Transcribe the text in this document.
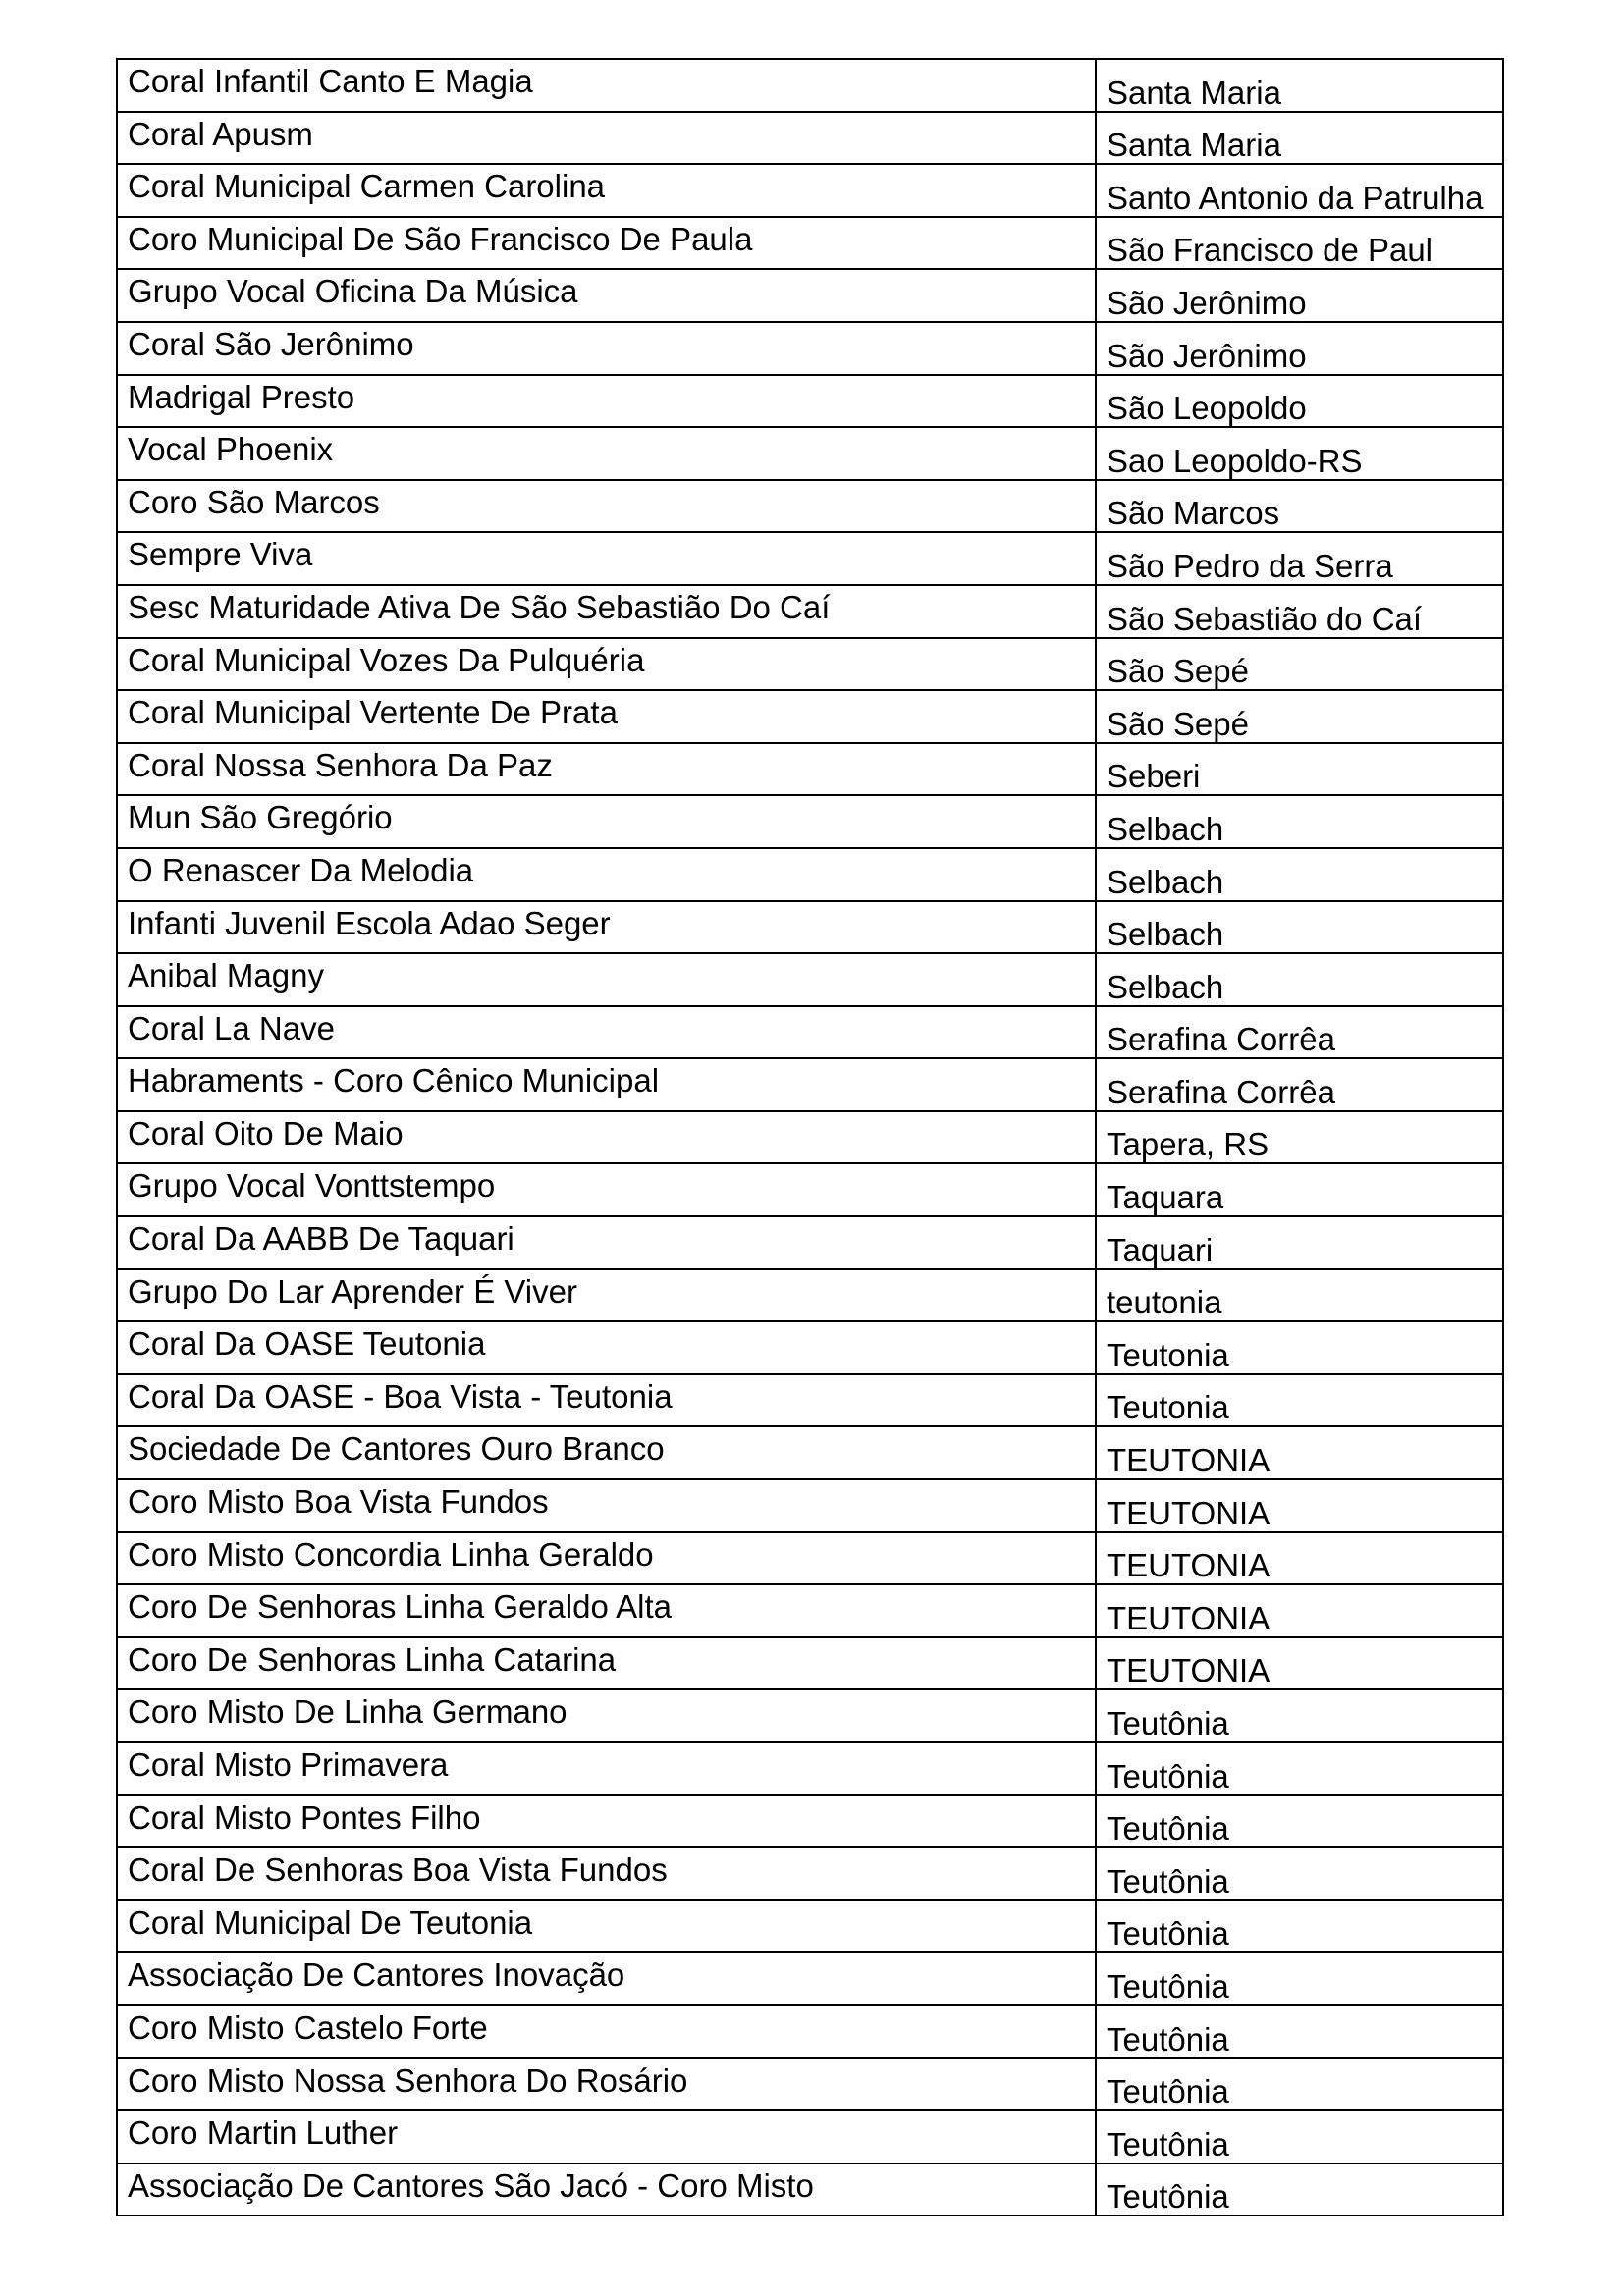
Coral Infantil Canto E Magia	Santa Maria
Coral Apusm	Santa Maria
Coral Municipal Carmen Carolina	Santo Antonio da Patrulha
Coro Municipal De São Francisco De Paula	São Francisco de Paul
Grupo Vocal Oficina Da Música	São Jerônimo
Coral São Jerônimo	São Jerônimo
Madrigal Presto	São Leopoldo
Vocal Phoenix	Sao Leopoldo-RS
Coro São Marcos	São Marcos
Sempre Viva	São Pedro da Serra
Sesc Maturidade Ativa De São Sebastião Do Caí	São Sebastião do Caí
Coral Municipal Vozes Da Pulquéria	São Sepé
Coral Municipal Vertente De Prata	São Sepé
Coral Nossa Senhora Da Paz	Seberi
Mun São Gregório	Selbach
O Renascer Da Melodia	Selbach
Infanti Juvenil Escola Adao Seger	Selbach
Anibal Magny	Selbach
Coral La Nave	Serafina Corrêa
Habraments - Coro Cênico Municipal	Serafina Corrêa
Coral Oito De Maio	Tapera, RS
Grupo Vocal Vonttstempo	Taquara
Coral Da AABB De Taquari	Taquari
Grupo Do Lar Aprender É Viver	teutonia
Coral Da OASE Teutonia	Teutonia
Coral Da OASE - Boa Vista - Teutonia	Teutonia
Sociedade De Cantores Ouro Branco	TEUTONIA
Coro Misto Boa Vista Fundos	TEUTONIA
Coro Misto Concordia Linha Geraldo	TEUTONIA
Coro De Senhoras Linha Geraldo Alta	TEUTONIA
Coro De Senhoras Linha Catarina	TEUTONIA
Coro Misto De Linha Germano	Teutônia
Coral Misto Primavera	Teutônia
Coral Misto Pontes Filho	Teutônia
Coral De Senhoras Boa Vista Fundos	Teutônia
Coral Municipal De Teutonia	Teutônia
Associação De Cantores Inovação	Teutônia
Coro Misto Castelo Forte	Teutônia
Coro Misto Nossa Senhora Do Rosário	Teutônia
Coro Martin Luther	Teutônia
Associação De Cantores São Jacó - Coro Misto	Teutônia
